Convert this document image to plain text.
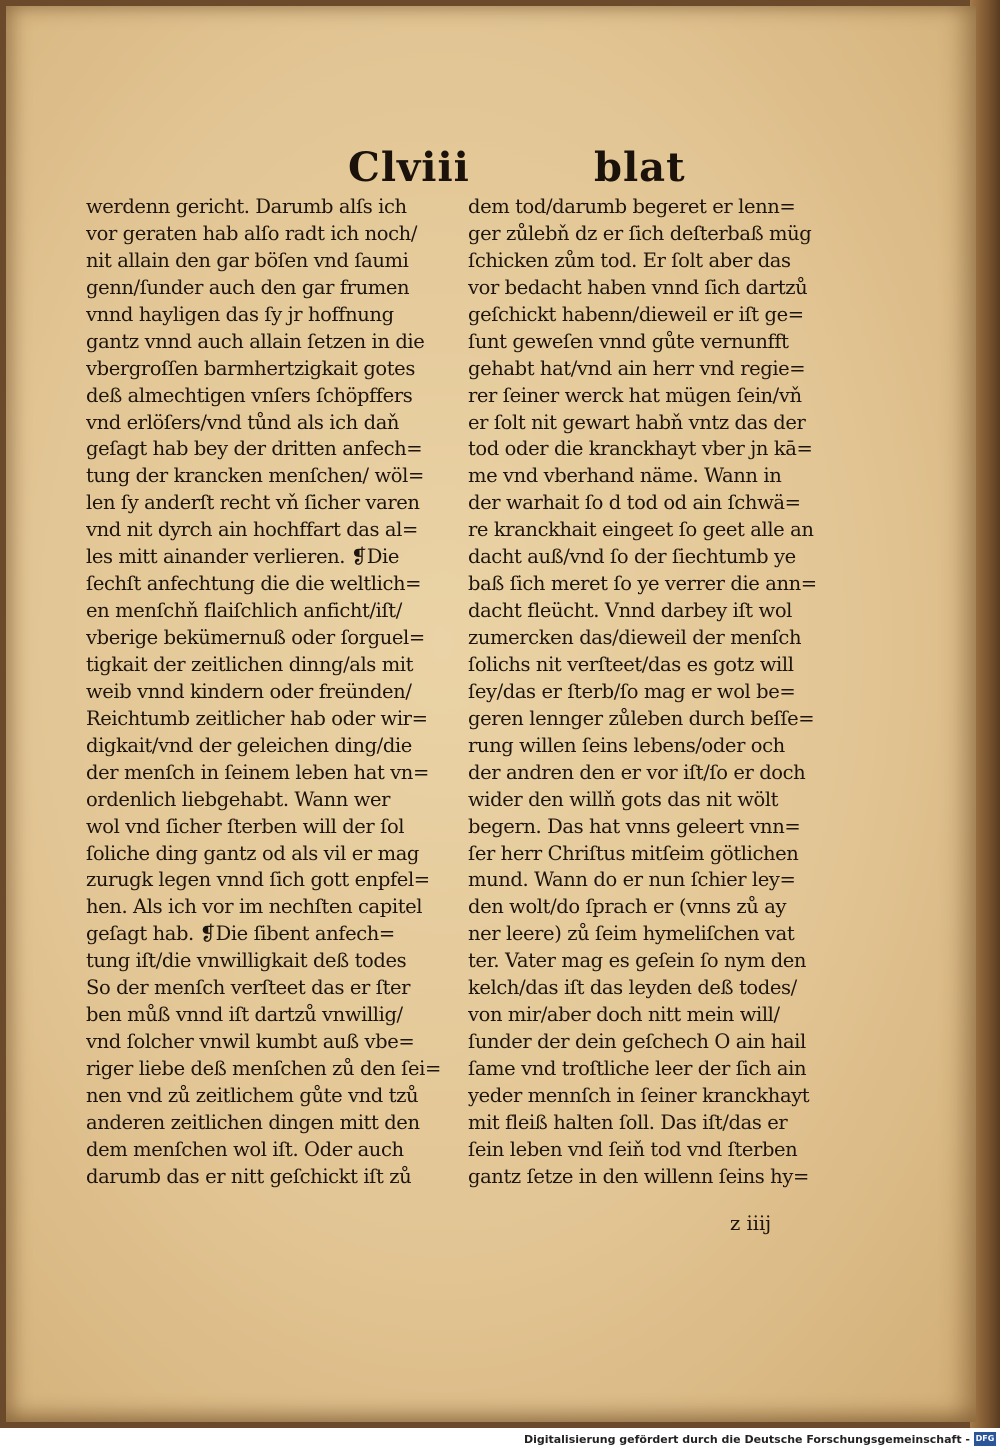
Clviii	blat
werdenn gericht. Darumb alſs ich
vor geraten hab alſo radt ich noch/
nit allain den gar böſen vnd ſaumi
genn/ſunder auch den gar frumen
vnnd hayligen das ſy jr hoffnung
gantz vnnd auch allain ſetzen in die
vbergroſſen barmhertzigkait gotes
deß almechtigen vnſers ſchöpffers
vnd erlöſers/vnd tůnd als ich daň
geſagt hab bey der dritten anfech=
tung der krancken menſchen/ wöl=
len ſy anderſt recht vň ſicher varen
vnd nit dyrch ain hochffart das al=
les mitt ainander verlieren. ❡Die
ſechſt anfechtung die die weltlich=
en menſchň flaiſchlich anficht/iſt/
vberige bekümernuß oder ſorguel=
tigkait der zeitlichen dinng/als mit
weib vnnd kindern oder freünden/
Reichtumb zeitlicher hab oder wir=
digkait/vnd der geleichen ding/die
der menſch in ſeinem leben hat vn=
ordenlich liebgehabt. Wann wer
wol vnd ſicher ſterben will der ſol
ſoliche ding gantz od als vil er mag
zurugk legen vnnd ſich gott enpfel=
hen. Als ich vor im nechſten capitel
geſagt hab. ❡Die ſibent anfech=
tung iſt/die vnwilligkait deß todes
So der menſch verſteet das er ſter
ben můß vnnd iſt dartzů vnwillig/
vnd ſolcher vnwil kumbt auß vbe=
riger liebe deß menſchen zů den ſei=
nen vnd zů zeitlichem gůte vnd tzů
anderen zeitlichen dingen mitt den
dem menſchen wol iſt. Oder auch
darumb das er nitt geſchickt iſt zů
dem tod/darumb begeret er lenn=
ger zůlebň dz er ſich deſterbaß müg
ſchicken zům tod. Er ſolt aber das
vor bedacht haben vnnd ſich dartzů
geſchickt habenn/dieweil er iſt ge=
ſunt geweſen vnnd gůte vernunfft
gehabt hat/vnd ain herr vnd regie=
rer ſeiner werck hat mügen ſein/vň
er ſolt nit gewart habň vntz das der
tod oder die kranckhayt vber jn kā=
me vnd vberhand näme. Wann in
der warhait ſo d tod od ain ſchwä=
re kranckhait eingeet ſo geet alle an
dacht auß/vnd ſo der ſiechtumb ye
baß ſich meret ſo ye verrer die ann=
dacht fleücht. Vnnd darbey iſt wol
zumercken das/dieweil der menſch
ſolichs nit verſteet/das es gotz will
ſey/das er ſterb/ſo mag er wol be=
geren lennger zůleben durch beſſe=
rung willen ſeins lebens/oder och
der andren den er vor iſt/ſo er doch
wider den willň gots das nit wölt
begern. Das hat vnns geleert vnn=
ſer herr Chriſtus mitſeim götlichen
mund. Wann do er nun ſchier ley=
den wolt/do ſprach er (vnns zů ay
ner leere) zů ſeim hymeliſchen vat
ter. Vater mag es geſein ſo nym den
kelch/das iſt das leyden deß todes/
von mir/aber doch nitt mein will/
ſunder der dein geſchech O ain hail
ſame vnd troſtliche leer der ſich ain
yeder mennſch in ſeiner kranckhayt
mit fleiß halten ſoll. Das iſt/das er
ſein leben vnd ſeiň tod vnd ſterben
gantz ſetze in den willenn ſeins hy=
z iiij
Digitalisierung gefördert durch die Deutsche Forschungsgemeinschaft - DFG
